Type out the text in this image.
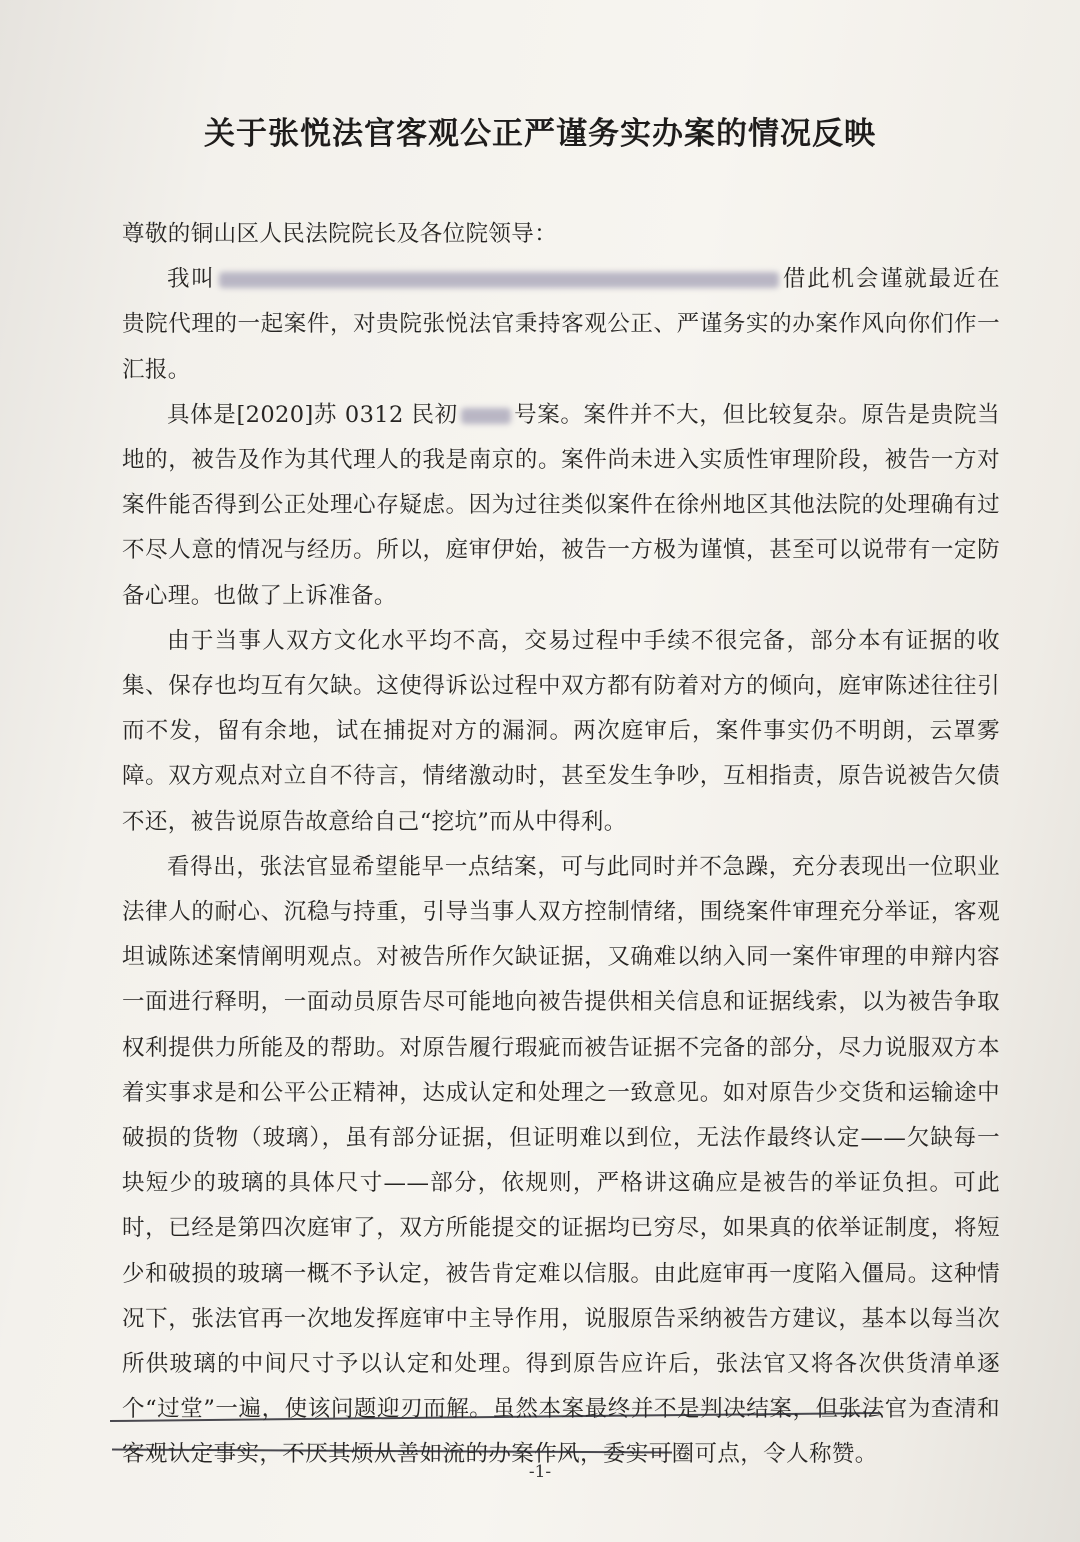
关于张悦法官客观公正严谨务实办案的情况反映

尊敬的铜山区人民法院院长及各位院领导：

我叫	借此机会谨就最近在贵院代理的一起案件，对贵院张悦法官秉持客观公正、严谨务实的办案作风向你们作一汇报。

具体是[2020]苏 0312 民初 号案。案件并不大，但比较复杂。原告是贵院当地的，被告及作为其代理人的我是南京的。案件尚未进入实质性审理阶段，被告一方对案件能否得到公正处理心存疑虑。因为过往类似案件在徐州地区其他法院的处理确有过不尽人意的情况与经历。所以，庭审伊始，被告一方极为谨慎，甚至可以说带有一定防备心理。也做了上诉准备。

由于当事人双方文化水平均不高，交易过程中手续不很完备，部分本有证据的收集、保存也均互有欠缺。这使得诉讼过程中双方都有防着对方的倾向，庭审陈述往往引而不发，留有余地，试在捕捉对方的漏洞。两次庭审后，案件事实仍不明朗，云罩雾障。双方观点对立自不待言，情绪激动时，甚至发生争吵，互相指责，原告说被告欠债不还，被告说原告故意给自己“挖坑”而从中得利。

看得出，张法官显希望能早一点结案，可与此同时并不急躁，充分表现出一位职业法律人的耐心、沉稳与持重，引导当事人双方控制情绪，围绕案件审理充分举证，客观坦诚陈述案情阐明观点。对被告所作欠缺证据，又确难以纳入同一案件审理的申辩内容一面进行释明，一面动员原告尽可能地向被告提供相关信息和证据线索，以为被告争取权利提供力所能及的帮助。对原告履行瑕疵而被告证据不完备的部分，尽力说服双方本着实事求是和公平公正精神，达成认定和处理之一致意见。如对原告少交货和运输途中破损的货物（玻璃），虽有部分证据，但证明难以到位，无法作最终认定——欠缺每一块短少的玻璃的具体尺寸——部分，依规则，严格讲这确应是被告的举证负担。可此时，已经是第四次庭审了，双方所能提交的证据均已穷尽，如果真的依举证制度，将短少和破损的玻璃一概不予认定，被告肯定难以信服。由此庭审再一度陷入僵局。这种情况下，张法官再一次地发挥庭审中主导作用，说服原告采纳被告方建议，基本以每当次所供玻璃的中间尺寸予以认定和处理。得到原告应许后，张法官又将各次供货清单逐个“过堂”一遍，使该问题迎刃而解。虽然本案最终并不是判决结案，但张法官为查清和客观认定事实，不厌其烦从善如流的办案作风，委实可圈可点，令人称赞。

-1-
